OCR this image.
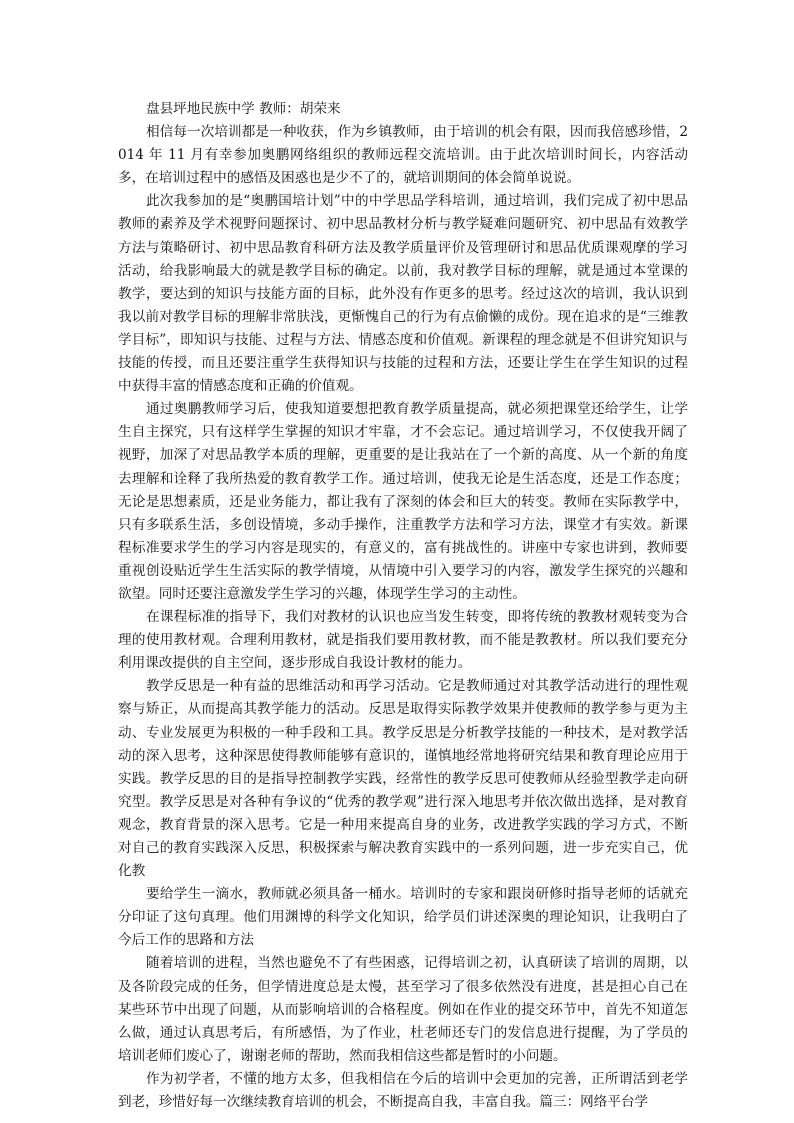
盘县坪地民族中学 教师：胡荣来

相信每一次培训都是一种收获，作为乡镇教师，由于培训的机会有限，因而我倍感珍惜，2014 年 11 月有幸参加奥鹏网络组织的教师远程交流培训。由于此次培训时间长，内容活动多，在培训过程中的感悟及困惑也是少不了的，就培训期间的体会简单说说。

此次我参加的是“奥鹏国培计划”中的中学思品学科培训，通过培训，我们完成了初中思品教师的素养及学术视野问题探讨、初中思品教材分析与教学疑难问题研究、初中思品有效教学方法与策略研讨、初中思品教育科研方法及教学质量评价及管理研讨和思品优质课观摩的学习活动，给我影响最大的就是教学目标的确定。以前，我对教学目标的理解，就是通过本堂课的教学，要达到的知识与技能方面的目标，此外没有作更多的思考。经过这次的培训，我认识到我以前对教学目标的理解非常肤浅，更惭愧自己的行为有点偷懒的成份。现在追求的是“三维教学目标”，即知识与技能、过程与方法、情感态度和价值观。新课程的理念就是不但讲究知识与技能的传授，而且还要注重学生获得知识与技能的过程和方法，还要让学生在学生知识的过程中获得丰富的情感态度和正确的价值观。

通过奥鹏教师学习后，使我知道要想把教育教学质量提高，就必须把课堂还给学生，让学生自主探究，只有这样学生掌握的知识才牢靠，才不会忘记。通过培训学习，不仅使我开阔了视野，加深了对思品教学本质的理解，更重要的是让我站在了一个新的高度、从一个新的角度去理解和诠释了我所热爱的教育教学工作。通过培训，使我无论是生活态度，还是工作态度；无论是思想素质，还是业务能力，都让我有了深刻的体会和巨大的转变。教师在实际教学中，只有多联系生活，多创设情境，多动手操作，注重教学方法和学习方法，课堂才有实效。新课程标准要求学生的学习内容是现实的，有意义的，富有挑战性的。讲座中专家也讲到，教师要重视创设贴近学生生活实际的教学情境，从情境中引入要学习的内容，激发学生探究的兴趣和欲望。同时还要注意激发学生学习的兴趣，体现学生学习的主动性。

在课程标准的指导下，我们对教材的认识也应当发生转变，即将传统的教教材观转变为合理的使用教材观。合理利用教材，就是指我们要用教材教，而不能是教教材。所以我们要充分利用课改提供的自主空间，逐步形成自我设计教材的能力。

教学反思是一种有益的思维活动和再学习活动。它是教师通过对其教学活动进行的理性观察与矫正，从而提高其教学能力的活动。反思是取得实际教学效果并使教师的教学参与更为主动、专业发展更为积极的一种手段和工具。教学反思是分析教学技能的一种技术，是对教学活动的深入思考，这种深思使得教师能够有意识的，谨慎地经常地将研究结果和教育理论应用于实践。教学反思的目的是指导控制教学实践，经常性的教学反思可使教师从经验型教学走向研究型。教学反思是对各种有争议的“优秀的教学观”进行深入地思考并依次做出选择，是对教育观念，教育背景的深入思考。它是一种用来提高自身的业务，改进教学实践的学习方式，不断对自己的教育实践深入反思，积极探索与解决教育实践中的一系列问题，进一步充实自己，优化教

要给学生一滴水，教师就必须具备一桶水。培训时的专家和跟岗研修时指导老师的话就充分印证了这句真理。他们用渊博的科学文化知识，给学员们讲述深奥的理论知识，让我明白了今后工作的思路和方法

随着培训的进程，当然也避免不了有些困惑，记得培训之初，认真研读了培训的周期，以及各阶段完成的任务，但学情进度总是太慢，甚至学习了很多依然没有进度，甚是担心自己在某些环节中出现了问题，从而影响培训的合格程度。例如在作业的提交环节中，首先不知道怎么做，通过认真思考后，有所感悟，为了作业，杜老师还专门的发信息进行提醒，为了学员的培训老师们废心了，谢谢老师的帮助，然而我相信这些都是暂时的小问题。

作为初学者，不懂的地方太多，但我相信在今后的培训中会更加的完善，正所谓活到老学到老，珍惜好每一次继续教育培训的机会，不断提高自我，丰富自我。篇三：网络平台学
